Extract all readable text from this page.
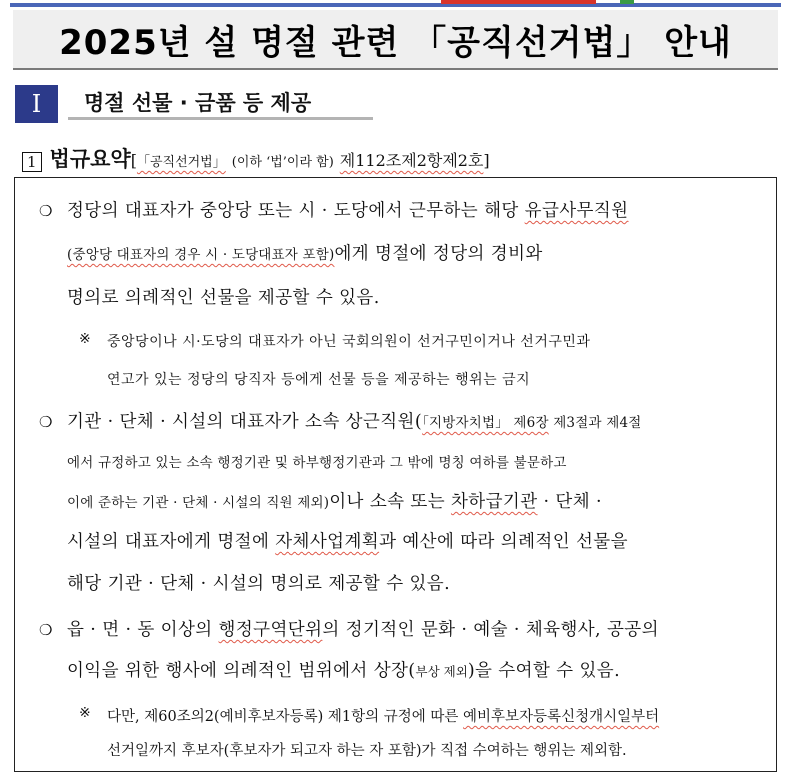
2025년 설 명절 관련 「공직선거법」 안내
I	명절 선물 · 금품 등 제공
1 법규요약 [ 「공직선거법」 (이하 ‘법’이라 함) 제112조제2항제2호 ]
❍ 정당의 대표자가 중앙당 또는 시 · 도당에서 근무하는 해당 유급사무직원
(중앙당 대표자의 경우 시 · 도당대표자 포함)에게 명절에 정당의 경비와
명의로 의례적인 선물을 제공할 수 있음.
※ 중앙당이나 시·도당의 대표자가 아닌 국회의원이 선거구민이거나 선거구민과
연고가 있는 정당의 당직자 등에게 선물 등을 제공하는 행위는 금지
❍ 기관 · 단체 · 시설의 대표자가 소속 상근직원(「지방자치법」 제6장 제3절과 제4절
에서 규정하고 있는 소속 행정기관 및 하부행정기관과 그 밖에 명칭 여하를 불문하고
이에 준하는 기관 · 단체 · 시설의 직원 제외)이나 소속 또는 차하급기관 · 단체 ·
시설의 대표자에게 명절에 자체사업계획과 예산에 따라 의례적인 선물을
해당 기관 · 단체 · 시설의 명의로 제공할 수 있음.
❍ 읍 · 면 · 동 이상의 행정구역단위의 정기적인 문화 · 예술 · 체육행사, 공공의
이익을 위한 행사에 의례적인 범위에서 상장(부상 제외)을 수여할 수 있음.
※ 다만, 제60조의2(예비후보자등록) 제1항의 규정에 따른 예비후보자등록신청개시일부터
선거일까지 후보자(후보자가 되고자 하는 자 포함)가 직접 수여하는 행위는 제외함.
